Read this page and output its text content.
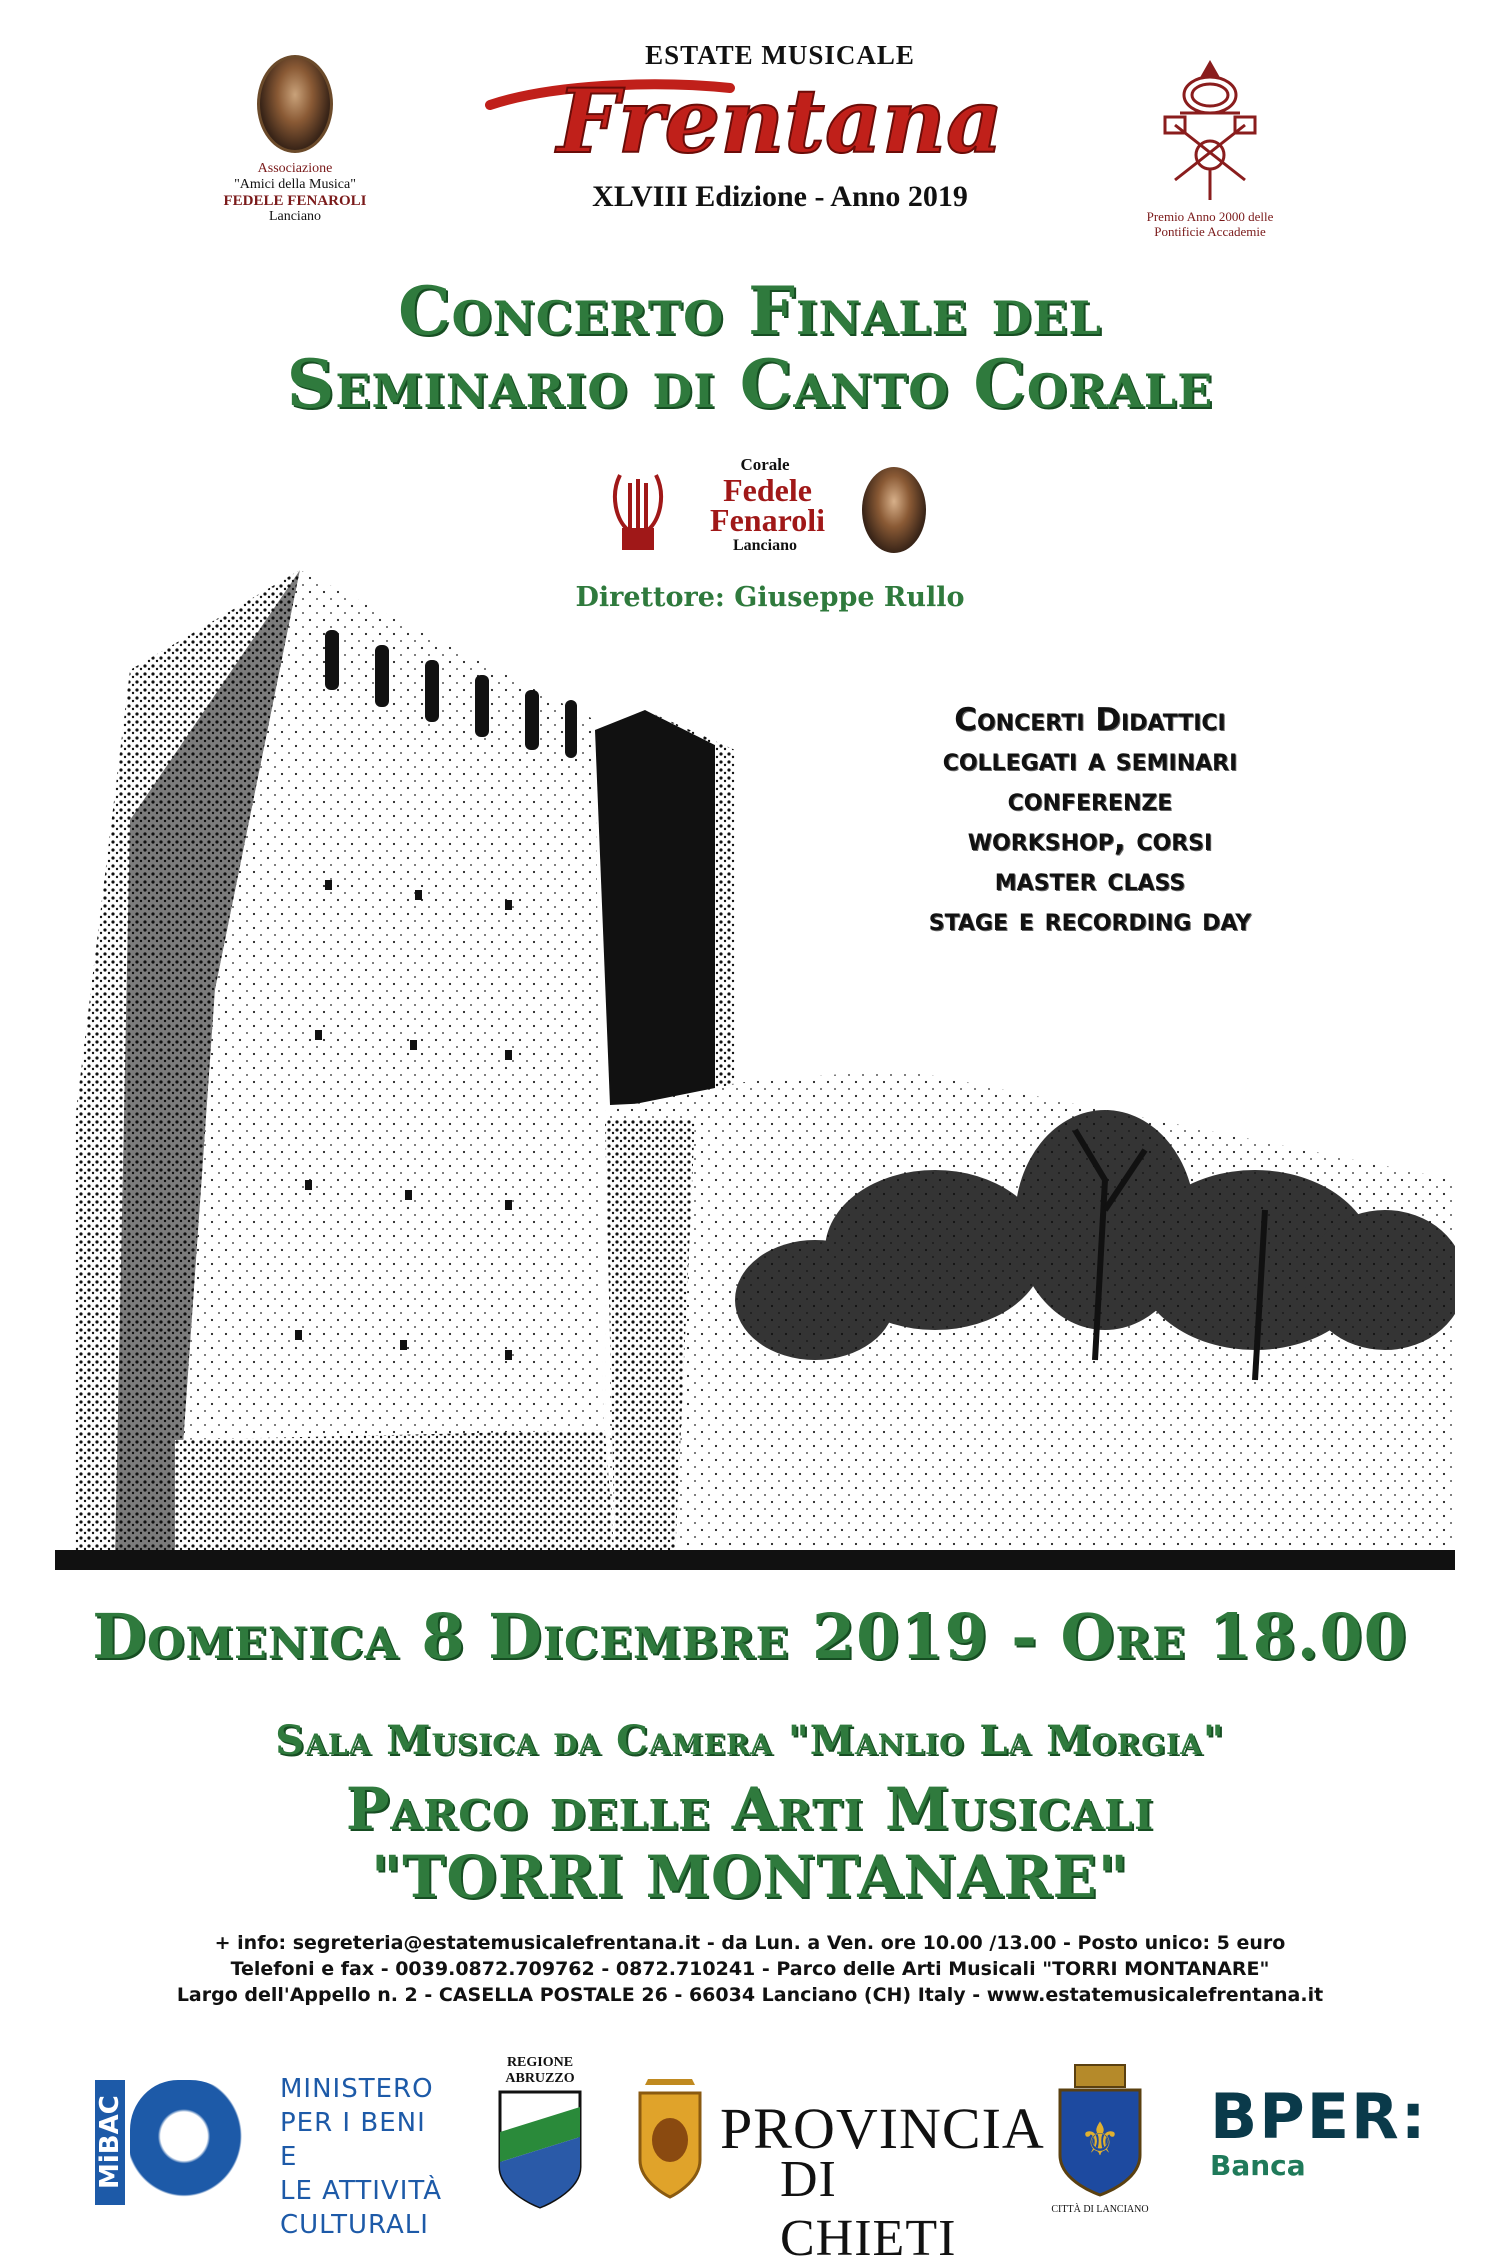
Associazione
"Amici della Musica"
FEDELE FENAROLI
Lanciano
ESTATE MUSICALE
Frentana
XLVIII Edizione - Anno 2019
Premio Anno 2000 delle
Pontificie Accademie
Concerto Finale del
Seminario di Canto Corale
Corale
Fedele
Fenaroli
Lanciano
Direttore: Giuseppe Rullo
Concerti Didattici
collegati a seminari
conferenze
workshop, corsi
master class
stage e recording day
Domenica 8 Dicembre 2019 - Ore 18.00
Sala Musica da Camera "Manlio La Morgia"
Parco delle Arti Musicali
"TORRI MONTANARE"
+ info: segreteria@estatemusicalefrentana.it - da Lun. a Ven. ore 10.00 /13.00 - Posto unico: 5 euro
Telefoni e fax - 0039.0872.709762 - 0872.710241 - Parco delle Arti Musicali "TORRI MONTANARE"
Largo dell'Appello n. 2 - CASELLA POSTALE 26 - 66034 Lanciano (CH) Italy - www.estatemusicalefrentana.it
MiBAC
MINISTERO
PER I BENI E
LE ATTIVITÀ
CULTURALI
REGIONE
ABRUZZO
PROVINCIA
DI CHIETI
⚜
CITTÀ DI LANCIANO
BPER:
Banca
